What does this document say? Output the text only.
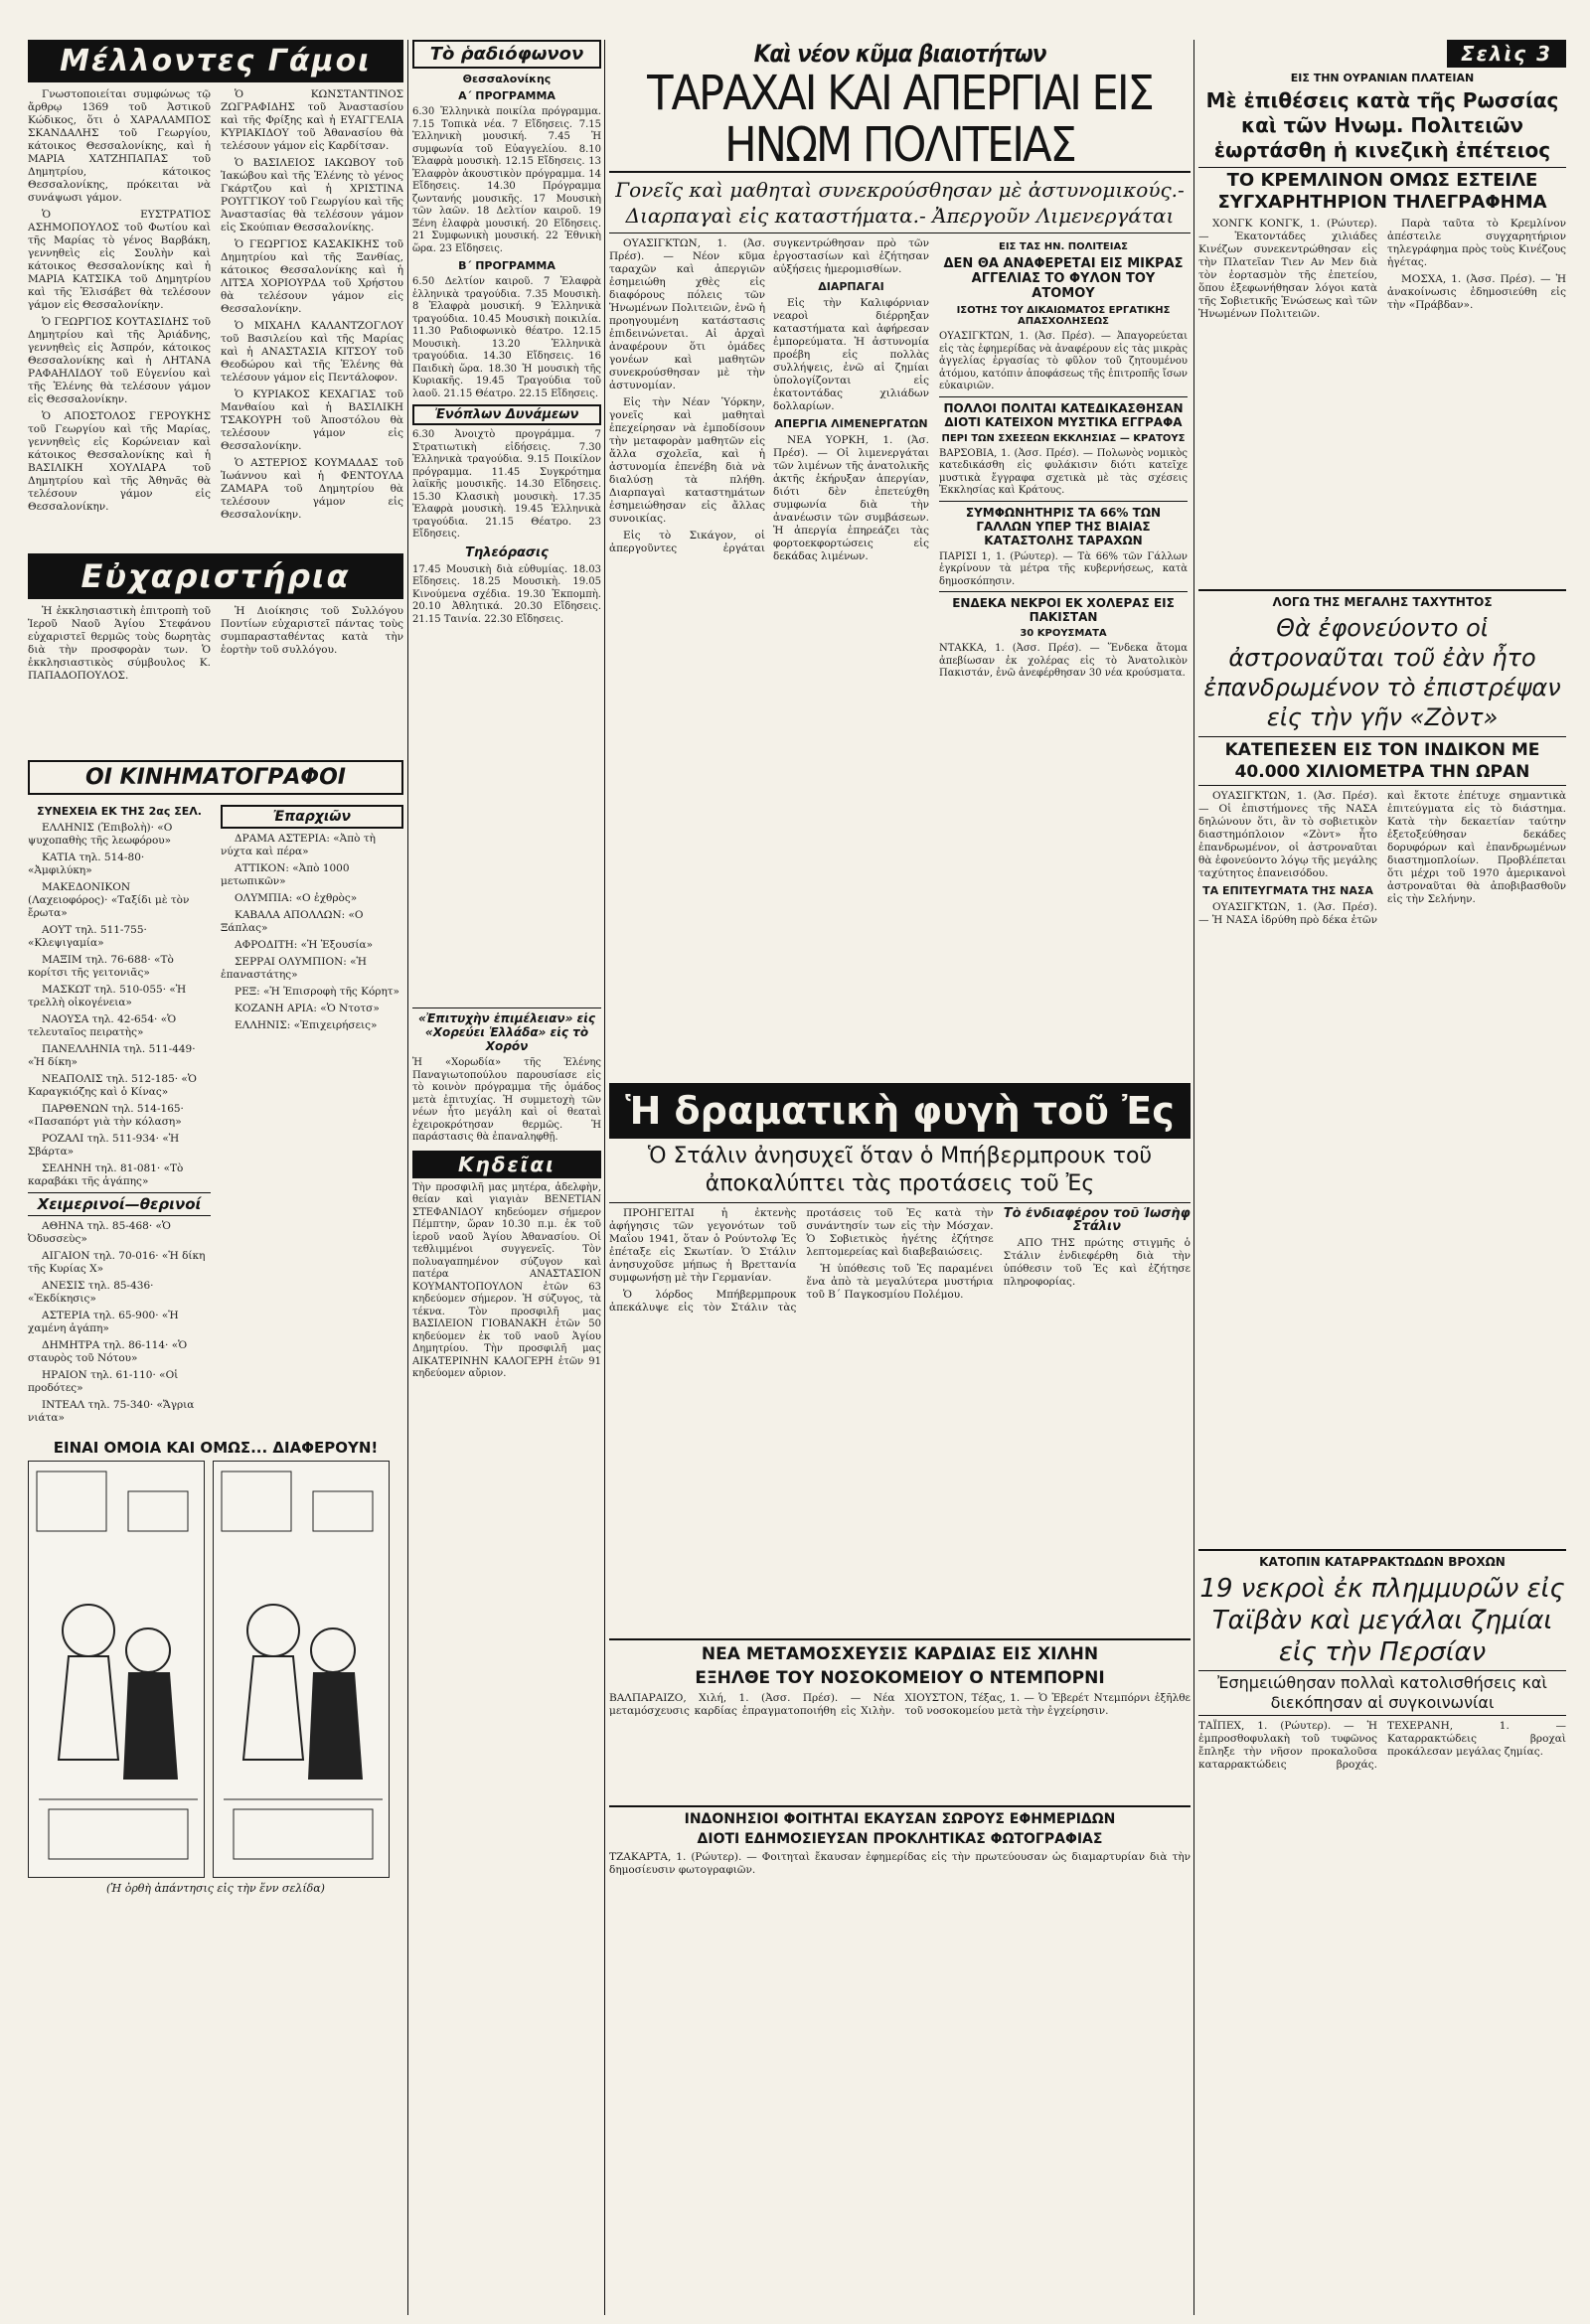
Μέλλοντες Γάμοι

Γνωστοποιείται συμφώνως τῷ ἄρθρῳ 1369 τοῦ Ἀστικοῦ Κώδικος, ὅτι ὁ ΧΑΡΑΛΑΜΠΟΣ ΣΚΑΝΔΑΛΗΣ τοῦ Γεωργίου, κάτοικος Θεσσαλονίκης, καὶ ἡ ΜΑΡΙΑ ΧΑΤΖΗΠΑΠΑΣ τοῦ Δημητρίου, κάτοικος Θεσσαλονίκης, πρόκειται νὰ συνάψωσι γάμον.

Ὁ ΕΥΣΤΡΑΤΙΟΣ ΑΣΗΜΟΠΟΥΛΟΣ τοῦ Φωτίου καὶ τῆς Μαρίας τὸ γένος Βαρβάκη, γεννηθεὶς εἰς Σουλὴν καὶ κάτοικος Θεσσαλονίκης καὶ ἡ ΜΑΡΙΑ ΚΑΤΣΙΚΑ τοῦ Δημητρίου καὶ τῆς Ἐλισάβετ θὰ τελέσουν γάμον εἰς Θεσσαλονίκην.

Ὁ ΓΕΩΡΓΙΟΣ ΚΟΥΤΑΣΙΔΗΣ τοῦ Δημητρίου καὶ τῆς Ἀριάδνης, γεννηθεὶς εἰς Ἀσπρόν, κάτοικος Θεσσαλονίκης καὶ ἡ ΛΗΤΑΝΑ ΡΑΦΑΗΛΙΔΟΥ τοῦ Εὐγενίου καὶ τῆς Ἑλένης θὰ τελέσουν γάμον εἰς Θεσσαλονίκην.

Ὁ ΑΠΟΣΤΟΛΟΣ ΓΕΡΟΥΚΗΣ τοῦ Γεωργίου καὶ τῆς Μαρίας, γεννηθεὶς εἰς Κορώνειαν καὶ κάτοικος Θεσσαλονίκης καὶ ἡ ΒΑΣΙΛΙΚΗ ΧΟΥΛΙΑΡΑ τοῦ Δημητρίου καὶ τῆς Ἀθηνᾶς θὰ τελέσουν γάμον εἰς Θεσσαλονίκην.

Ὁ ΚΩΝΣΤΑΝΤΙΝΟΣ ΖΩΓΡΑΦΙΔΗΣ τοῦ Ἀναστασίου καὶ τῆς Φρίξης καὶ ἡ ΕΥΑΓΓΕΛΙΑ ΚΥΡΙΑΚΙΔΟΥ τοῦ Ἀθανασίου θὰ τελέσουν γάμον εἰς Καρδίτσαν.

Ὁ ΒΑΣΙΛΕΙΟΣ ΙΑΚΩΒΟΥ τοῦ Ἰακώβου καὶ τῆς Ἑλένης τὸ γένος Γκάρτζου καὶ ἡ ΧΡΙΣΤΙΝΑ ΡΟΥΓΓΙΚΟΥ τοῦ Γεωργίου καὶ τῆς Ἀναστασίας θὰ τελέσουν γάμον εἰς Σκούπιαν Θεσσαλονίκης.

Ὁ ΓΕΩΡΓΙΟΣ ΚΑΣΑΚΙΚΗΣ τοῦ Δημητρίου καὶ τῆς Ξανθίας, κάτοικος Θεσσαλονίκης καὶ ἡ ΛΙΤΣΑ ΧΟΡΙΟΥΡΔΑ τοῦ Χρήστου θὰ τελέσουν γάμον εἰς Θεσσαλονίκην.

Ὁ ΜΙΧΑΗΛ ΚΑΛΑΝΤΖΟΓΛΟΥ τοῦ Βασιλείου καὶ τῆς Μαρίας καὶ ἡ ΑΝΑΣΤΑΣΙΑ ΚΙΤΣΟΥ τοῦ Θεοδώρου καὶ τῆς Ἑλένης θὰ τελέσουν γάμον εἰς Πεντάλοφον.

Ὁ ΚΥΡΙΑΚΟΣ ΚΕΧΑΓΙΑΣ τοῦ Μανθαίου καὶ ἡ ΒΑΣΙΛΙΚΗ ΤΣΑΚΟΥΡΗ τοῦ Ἀποστόλου θὰ τελέσουν γάμον εἰς Θεσσαλονίκην.

Ὁ ΑΣΤΕΡΙΟΣ ΚΟΥΜΑΔΑΣ τοῦ Ἰωάννου καὶ ἡ ΦΕΝΤΟΥΛΑ ΖΑΜΑΡΑ τοῦ Δημητρίου θὰ τελέσουν γάμον εἰς Θεσσαλονίκην.

Εὐχαριστήρια

Ἡ ἐκκλησιαστικὴ ἐπιτροπὴ τοῦ Ἱεροῦ Ναοῦ Ἁγίου Στεφάνου εὐχαριστεῖ θερμῶς τοὺς δωρητὰς διὰ τὴν προσφορὰν των. Ὁ ἐκκλησιαστικὸς σύμβουλος Κ. ΠΑΠΑΔΟΠΟΥΛΟΣ.

Ἡ Διοίκησις τοῦ Συλλόγου Ποντίων εὐχαριστεῖ πάντας τοὺς συμπαρασταθέντας κατὰ τὴν ἑορτὴν τοῦ συλλόγου.

ΟΙ ΚΙΝΗΜΑΤΟΓΡΑΦΟΙ
ΣΥΝΕΧΕΙΑ ΕΚ ΤΗΣ 2ας ΣΕΛ.

ΕΛΛΗΝΙΣ (Ἐπιβολὴ)· «Ο ψυχοπαθὴς τῆς λεωφόρου»

ΚΑΤΙΑ τηλ. 514-80· «Ἀμφιλύκη»

ΜΑΚΕΔΟΝΙΚΟΝ (Λαχειοφόρος)· «Ταξίδι μὲ τὸν ἔρωτα»

ΑΟΥΤ τηλ. 511-755· «Κλεψιγαμία»

ΜΑΞΙΜ τηλ. 76-688· «Τὸ κορίτσι τῆς γειτονιᾶς»

ΜΑΣΚΩΤ τηλ. 510-055· «Ἡ τρελλὴ οἰκογένεια»

ΝΑΟΥΣΑ τηλ. 42-654· «Ὁ τελευταῖος πειρατὴς»

ΠΑΝΕΛΛΗΝΙΑ τηλ. 511-449· «Ἡ δίκη»

ΝΕΑΠΟΛΙΣ τηλ. 512-185· «Ὁ Καραγκιόζης καὶ ὁ Κίνας»

ΠΑΡΘΕΝΩΝ τηλ. 514-165· «Πασαπόρτ γιὰ τὴν κόλαση»

ΡΟΖΑΛΙ τηλ. 511-934· «Ἡ Σβάρτα»

ΣΕΛΗΝΗ τηλ. 81-081· «Τὸ καραβάκι τῆς ἀγάπης»

Χειμερινοί—θερινοί

ΑΘΗΝΑ τηλ. 85-468· «Ὁ Ὀδυσσεὺς»

ΑΙΓΑΙΟΝ τηλ. 70-016· «Ἡ δίκη τῆς Κυρίας Χ»

ΑΝΕΣΙΣ τηλ. 85-436· «Ἐκδίκησις»

ΑΣΤΕΡΙΑ τηλ. 65-900· «Ἡ χαμένη ἀγάπη»

ΔΗΜΗΤΡΑ τηλ. 86-114· «Ὁ σταυρὸς τοῦ Νότου»

ΗΡΑΙΟΝ τηλ. 61-110· «Οἱ προδότες»

ΙΝΤΕΑΛ τηλ. 75-340· «Ἄγρια νιάτα»

Ἐπαρχιῶν

ΔΡΑΜΑ ΑΣΤΕΡΙΑ: «Ἀπὸ τὴ νύχτα καὶ πέρα»

ΑΤΤΙΚΟΝ: «Ἀπὸ 1000 μετωπικῶν»

ΟΛΥΜΠΙΑ: «Ο ἐχθρὸς»

ΚΑΒΑΛΑ ΑΠΟΛΛΩΝ: «Ο Ξάπλας»

ΑΦΡΟΔΙΤΗ: «Ἡ Ἐξουσία»

ΣΕΡΡΑΙ ΟΛΥΜΠΙΟΝ: «Ἡ ἐπαναστάτης»

ΡΕΞ: «Ἡ Ἐπισροφὴ τῆς Κόρητ»

ΚΟΖΑΝΗ ΑΡΙΑ: «Ὁ Ντοτσ»

ΕΛΛΗΝΙΣ: «Ἐπιχειρήσεις»

ΕΙΝΑΙ ΟΜΟΙΑ ΚΑΙ ΟΜΩΣ... ΔΙΑΦΕΡΟΥΝ!
(Ἡ ὀρθὴ ἀπάντησις εἰς τὴν ἕνν σελίδα)
Τὸ ῥαδιόφωνον
Θεσσαλονίκης
Α΄ ΠΡΟΓΡΑΜΜΑ
6.30 Ἑλληνικὰ ποικίλα πρόγραμμα. 7.15 Τοπικὰ νέα. 7 Εἴδησεις. 7.15 Ἑλληνικὴ μουσική. 7.45 Ἡ συμφωνία τοῦ Εὐαγγελίου. 8.10 Ἑλαφρὰ μουσικὴ. 12.15 Εἴδησεις. 13 Ἐλαφρὸν ἀκουστικὸν πρόγραμμα. 14 Εἴδησεις. 14.30 Πρόγραμμα ζωντανής μουσικῆς. 17 Μουσικὴ τῶν λαῶν. 18 Δελτίον καιροῦ. 19 Ξένη ἐλαφρὰ μουσική. 20 Εἴδησεις. 21 Συμφωνικὴ μουσική. 22 Ἐθνικὴ ὥρα. 23 Εἴδησεις.
Β΄ ΠΡΟΓΡΑΜΜΑ
6.50 Δελτίον καιροῦ. 7 Ἐλαφρὰ ἑλληνικὰ τραγούδια. 7.35 Μουσικὴ. 8 Ἐλαφρὰ μουσική. 9 Ἑλληνικὰ τραγούδια. 10.45 Μουσικὴ ποικιλία. 11.30 Ραδιοφωνικὸ θέατρο. 12.15 Μουσικὴ. 13.20 Ἑλληνικὰ τραγούδια. 14.30 Εἴδησεις. 16 Παιδικὴ ὥρα. 18.30 Ἡ μουσικὴ τῆς Κυριακῆς. 19.45 Τραγούδια τοῦ λαοῦ. 21.15 Θέατρο. 22.15 Εἴδησεις.
Ἐνόπλων Δυνάμεων
6.30 Ἀνοιχτὸ προγράμμα. 7 Στρατιωτικὴ εἰδήσεις. 7.30 Ἑλληνικὰ τραγούδια. 9.15 Ποικίλον πρόγραμμα. 11.45 Συγκρότημα λαϊκῆς μουσικῆς. 14.30 Εἴδησεις. 15.30 Κλασικὴ μουσικὴ. 17.35 Ἐλαφρὰ μουσικὴ. 19.45 Ἑλληνικὰ τραγούδια. 21.15 Θέατρο. 23 Εἴδησεις.
Τηλεόρασις
17.45 Μουσικὴ διὰ εὐθυμίας. 18.03 Εἴδησεις. 18.25 Μουσικὴ. 19.05 Κινούμενα σχέδια. 19.30 Ἐκπομπὴ. 20.10 Ἀθλητικά. 20.30 Εἴδησεις. 21.15 Ταινία. 22.30 Εἴδησεις.
«Ἐπιτυχὴν ἐπιμέλειαν» εἰς «Χορεύει Ἑλλάδα» εἰς τὸ Χορόν
Ἡ «Χορωδία» τῆς Ἑλένης Παναγιωτοπούλου παρουσίασε εἰς τὸ κοινὸν πρόγραμμα τῆς ὁμάδος μετὰ ἐπιτυχίας. Ἡ συμμετοχὴ τῶν νέων ἦτο μεγάλη καὶ οἱ θεαταὶ ἐχειροκρότησαν θερμῶς. Ἡ παράστασις θὰ ἐπαναληφθῇ.
Κηδεῖαι
Τὴν προσφιλῆ μας μητέρα, ἀδελφὴν, θείαν καὶ γιαγιὰν ΒΕΝΕΤΙΑΝ ΣΤΕΦΑΝΙΔΟΥ κηδεύομεν σήμερον Πέμπτην, ὥραν 10.30 π.μ. ἐκ τοῦ ἱεροῦ ναοῦ Ἁγίου Ἀθανασίου. Οἱ τεθλιμμένοι συγγενεῖς. Τὸν πολυαγαπημένον σύζυγον καὶ πατέρα ΑΝΑΣΤΑΣΙΟΝ ΚΟΥΜΑΝΤΟΠΟΥΛΟΝ ἐτῶν 63 κηδεύομεν σήμερον. Ἡ σύζυγος, τὰ τέκνα. Τὸν προσφιλῆ μας ΒΑΣΙΛΕΙΟΝ ΓΙΟΒΑΝΑΚΗ ἐτῶν 50 κηδεύομεν ἐκ τοῦ ναοῦ Ἁγίου Δημητρίου. Τὴν προσφιλῆ μας ΑΙΚΑΤΕΡΙΝΗΝ ΚΑΛΟΓΕΡΗ ἐτῶν 91 κηδεύομεν αὔριον.
Καὶ νέον κῦμα βιαιοτήτων
ΤΑΡΑΧΑΙ ΚΑΙ ΑΠΕΡΓΙΑΙ ΕΙΣ ΗΝΩΜ ΠΟΛΙΤΕΙΑΣ
Γονεῖς καὶ μαθηταὶ συνεκρούσθησαν μὲ ἀστυνομικούς.- Διαρπαγαὶ εἰς καταστήματα.- Ἀπεργοῦν Λιμενεργάται

ΟΥΑΣΙΓΚΤΩΝ, 1. (Ἀσ. Πρέσ). — Νέον κῦμα ταραχῶν καὶ ἀπεργιῶν ἐσημειώθη χθὲς εἰς διαφόρους πόλεις τῶν Ἡνωμένων Πολιτειῶν, ἐνῶ ἡ προηγουμένη κατάστασις ἐπιδεινώνεται. Αἱ ἀρχαὶ ἀναφέρουν ὅτι ὀμάδες γονέων καὶ μαθητῶν συνεκρούσθησαν μὲ τὴν ἀστυνομίαν.

Εἰς τὴν Νέαν Ὑόρκην, γονεῖς καὶ μαθηταὶ ἐπεχείρησαν νὰ ἐμποδίσουν τὴν μεταφορὰν μαθητῶν εἰς ἄλλα σχολεῖα, καὶ ἡ ἀστυνομία ἐπενέβη διὰ νὰ διαλύσῃ τὰ πλήθη. Διαρπαγαὶ καταστημάτων ἐσημειώθησαν εἰς ἄλλας συνοικίας.

Εἰς τὸ Σικάγον, οἱ ἀπεργοῦντες ἐργάται συγκεντρώθησαν πρὸ τῶν ἐργοστασίων καὶ ἐζήτησαν αὐξήσεις ἡμερομισθίων.

ΔΙΑΡΠΑΓΑΙ

Εἰς τὴν Καλιφόρνιαν νεαροὶ διέρρηξαν καταστήματα καὶ ἀφήρεσαν ἐμπορεύματα. Ἡ ἀστυνομία προέβη εἰς πολλὰς συλλήψεις, ἐνῶ αἱ ζημίαι ὑπολογίζονται εἰς ἑκατοντάδας χιλιάδων δολλαρίων.

ΑΠΕΡΓΙΑ ΛΙΜΕΝΕΡΓΑΤΩΝ

ΝΕΑ ΥΟΡΚΗ, 1. (Ἀσ. Πρέσ). — Οἱ λιμενεργάται τῶν λιμένων τῆς ἀνατολικῆς ἀκτῆς ἐκήρυξαν ἀπεργίαν, διότι δὲν ἐπετεύχθη συμφωνία διὰ τὴν ἀνανέωσιν τῶν συμβάσεων. Ἡ ἀπεργία ἐπηρεάζει τὰς φορτοεκφορτώσεις εἰς δεκάδας λιμένων.

ΕΙΣ ΤΑΣ ΗΝ. ΠΟΛΙΤΕΙΑΣ
ΔΕΝ ΘΑ ΑΝΑΦΕΡΕΤΑΙ ΕΙΣ ΜΙΚΡΑΣ ΑΓΓΕΛΙΑΣ ΤΟ ΦΥΛΟΝ ΤΟΥ ΑΤΟΜΟΥ
ΙΣΟΤΗΣ ΤΟΥ ΔΙΚΑΙΩΜΑΤΟΣ ΕΡΓΑΤΙΚΗΣ ΑΠΑΣΧΟΛΗΣΕΩΣ
ΟΥΑΣΙΓΚΤΩΝ, 1. (Ἀσ. Πρέσ). — Ἀπαγορεύεται εἰς τὰς ἐφημερίδας νὰ ἀναφέρουν εἰς τὰς μικρὰς ἀγγελίας ἐργασίας τὸ φῦλον τοῦ ζητουμένου ἀτόμου, κατόπιν ἀποφάσεως τῆς ἐπιτροπῆς ἴσων εὐκαιριῶν.
ΠΟΛΛΟΙ ΠΟΛΙΤΑΙ ΚΑΤΕΔΙΚΑΣΘΗΣΑΝ ΔΙΟΤΙ ΚΑΤΕΙΧΟΝ ΜΥΣΤΙΚΑ ΕΓΓΡΑΦΑ
ΠΕΡΙ ΤΩΝ ΣΧΕΣΕΩΝ ΕΚΚΛΗΣΙΑΣ — ΚΡΑΤΟΥΣ
ΒΑΡΣΟΒΙΑ, 1. (Ἀσσ. Πρέσ). — Πολωνὸς νομικὸς κατεδικάσθη εἰς φυλάκισιν διότι κατεῖχε μυστικὰ ἔγγραφα σχετικὰ μὲ τὰς σχέσεις Ἐκκλησίας καὶ Κράτους.
ΣΥΜΦΩΝΗΤΗΡΙΣ ΤΑ 66% ΤΩΝ ΓΑΛΛΩΝ ΥΠΕΡ ΤΗΣ ΒΙΑΙΑΣ ΚΑΤΑΣΤΟΛΗΣ ΤΑΡΑΧΩΝ
ΠΑΡΙΣΙ 1, 1. (Ρώυτερ). — Τὰ 66% τῶν Γάλλων ἐγκρίνουν τὰ μέτρα τῆς κυβερνήσεως, κατὰ δημοσκόπησιν.
ΕΝΔΕΚΑ ΝΕΚΡΟΙ ΕΚ ΧΟΛΕΡΑΣ ΕΙΣ ΠΑΚΙΣΤΑΝ
30 ΚΡΟΥΣΜΑΤΑ
ΝΤΑΚΚΑ, 1. (Ἀσσ. Πρέσ). — Ἕνδεκα ἄτομα ἀπεβίωσαν ἐκ χολέρας εἰς τὸ Ἀνατολικὸν Πακιστάν, ἐνῶ ἀνεφέρθησαν 30 νέα κρούσματα.
Ἡ δραματικὴ φυγὴ τοῦ Ἐς
Ὁ Στάλιν ἀνησυχεῖ ὅταν ὁ Μπήβερμπρουκ τοῦ ἀποκαλύπτει τὰς προτάσεις τοῦ Ἐς

ΠΡΟΗΓΕΙΤΑΙ ἡ ἐκτενὴς ἀφήγησις τῶν γεγονότων τοῦ Μαΐου 1941, ὅταν ὁ Ρούντολφ Ἐς ἐπέταξε εἰς Σκωτίαν. Ὁ Στάλιν ἀνησυχοῦσε μήπως ἡ Βρεττανία συμφωνήσῃ μὲ τὴν Γερμανίαν.

Ὁ λόρδος Μπήβερμπρουκ ἀπεκάλυψε εἰς τὸν Στάλιν τὰς προτάσεις τοῦ Ἐς κατὰ τὴν συνάντησίν των εἰς τὴν Μόσχαν. Ὁ Σοβιετικὸς ἡγέτης ἐζήτησε λεπτομερείας καὶ διαβεβαιώσεις.

Ἡ ὑπόθεσις τοῦ Ἐς παραμένει ἕνα ἀπὸ τὰ μεγαλύτερα μυστήρια τοῦ Β΄ Παγκοσμίου Πολέμου.

Τὸ ἐνδιαφέρον τοῦ Ἰωσὴφ Στάλιν

ΑΠΟ ΤΗΣ πρώτης στιγμῆς ὁ Στάλιν ἐνδιεφέρθη διὰ τὴν ὑπόθεσιν τοῦ Ἐς καὶ ἐζήτησε πληροφορίας.

ΝΕΑ ΜΕΤΑΜΟΣΧΕΥΣΙΣ ΚΑΡΔΙΑΣ ΕΙΣ ΧΙΛΗΝ
ΕΞΗΛΘΕ ΤΟΥ ΝΟΣΟΚΟΜΕΙΟΥ Ο ΝΤΕΜΠΟΡΝΙ
ΒΑΛΠΑΡΑΙΖΟ, Χιλή, 1. (Ἀσσ. Πρέσ). — Νέα μεταμόσχευσις καρδίας ἐπραγματοποιήθη εἰς Χιλὴν. ΧΙΟΥΣΤΟΝ, Τέξας, 1. — Ὁ Ἐβερέτ Ντεμπόρνι ἐξῆλθε τοῦ νοσοκομείου μετὰ τὴν ἐγχείρησιν.
ΙΝΔΟΝΗΣΙΟΙ ΦΟΙΤΗΤΑΙ ΕΚΑΥΣΑΝ ΣΩΡΟΥΣ ΕΦΗΜΕΡΙΔΩΝ
ΔΙΟΤΙ ΕΔΗΜΟΣΙΕΥΣΑΝ ΠΡΟΚΛΗΤΙΚΑΣ ΦΩΤΟΓΡΑΦΙΑΣ
ΤΖΑΚΑΡΤΑ, 1. (Ρώυτερ). — Φοιτηταὶ ἔκαυσαν ἐφημερίδας εἰς τὴν πρωτεύουσαν ὡς διαμαρτυρίαν διὰ τὴν δημοσίευσιν φωτογραφιῶν.
Σελὶς 3
ΕΙΣ ΤΗΝ ΟΥΡΑΝΙΑΝ ΠΛΑΤΕΙΑΝ
Μὲ ἐπιθέσεις κατὰ τῆς Ρωσσίας καὶ τῶν Ηνωμ. Πολιτειῶν ἑωρτάσθη ἡ κινεζικὴ ἐπέτειος
ΤΟ ΚΡΕΜΛΙΝΟΝ ΟΜΩΣ ΕΣΤΕΙΛΕ ΣΥΓΧΑΡΗΤΗΡΙΟΝ ΤΗΛΕΓΡΑΦΗΜΑ

ΧΟΝΓΚ ΚΟΝΓΚ, 1. (Ρώυτερ). — Ἑκατοντάδες χιλιάδες Κινέζων συνεκεντρώθησαν εἰς τὴν Πλατεῖαν Τιεν Αν Μεν διὰ τὸν ἑορτασμὸν τῆς ἐπετείου, ὅπου ἐξεφωνήθησαν λόγοι κατὰ τῆς Σοβιετικῆς Ἑνώσεως καὶ τῶν Ἡνωμένων Πολιτειῶν.

Παρὰ ταῦτα τὸ Κρεμλίνον ἀπέστειλε συγχαρητήριον τηλεγράφημα πρὸς τοὺς Κινέζους ἡγέτας.

ΜΟΣΧΑ, 1. (Ἀσσ. Πρέσ). — Ἡ ἀνακοίνωσις ἐδημοσιεύθη εἰς τὴν «Πράβδαν».

ΛΟΓΩ ΤΗΣ ΜΕΓΑΛΗΣ ΤΑΧΥΤΗΤΟΣ
Θὰ ἐφονεύοντο οἱ ἀστροναῦται τοῦ ἐὰν ἦτο ἐπανδρωμένον τὸ ἐπιστρέψαν εἰς τὴν γῆν «Ζὸντ»
ΚΑΤΕΠΕΣΕΝ ΕΙΣ ΤΟΝ ΙΝΔΙΚΟΝ ΜΕ 40.000 ΧΙΛΙΟΜΕΤΡΑ ΤΗΝ ΩΡΑΝ

ΟΥΑΣΙΓΚΤΩΝ, 1. (Ἀσ. Πρέσ). — Οἱ ἐπιστήμονες τῆς ΝΑΣΑ δηλώνουν ὅτι, ἂν τὸ σοβιετικὸν διαστημόπλοιον «Ζὸντ» ἦτο ἐπανδρωμένον, οἱ ἀστροναῦται θὰ ἐφονεύοντο λόγῳ τῆς μεγάλης ταχύτητος ἐπανεισόδου.

ΤΑ ΕΠΙΤΕΥΓΜΑΤΑ ΤΗΣ ΝΑΣΑ

ΟΥΑΣΙΓΚΤΩΝ, 1. (Ἀσ. Πρέσ). — Ἡ ΝΑΣΑ ἱδρύθη πρὸ δέκα ἐτῶν καὶ ἔκτοτε ἐπέτυχε σημαντικὰ ἐπιτεύγματα εἰς τὸ διάστημα. Κατὰ τὴν δεκαετίαν ταύτην ἐξετοξεύθησαν δεκάδες δορυφόρων καὶ ἐπανδρωμένων διαστημοπλοίων. Προβλέπεται ὅτι μέχρι τοῦ 1970 ἀμερικανοὶ ἀστροναῦται θὰ ἀποβιβασθοῦν εἰς τὴν Σελήνην.

ΚΑΤΟΠΙΝ ΚΑΤΑΡΡΑΚΤΩΔΩΝ ΒΡΟΧΩΝ
19 νεκροὶ ἐκ πλημμυρῶν εἰς Ταϊβὰν καὶ μεγάλαι ζημίαι εἰς τὴν Περσίαν
Ἐσημειώθησαν πολλαὶ κατολισθήσεις καὶ διεκόπησαν αἱ συγκοινωνίαι
ΤΑΪΠΕΧ, 1. (Ρώυτερ). — Ἡ ἐμπροσθοφυλακὴ τοῦ τυφῶνος ἔπληξε τὴν νῆσον προκαλοῦσα καταρρακτώδεις βροχάς. ΤΕΧΕΡΑΝΗ, 1. — Καταρρακτώδεις βροχαὶ προκάλεσαν μεγάλας ζημίας.
